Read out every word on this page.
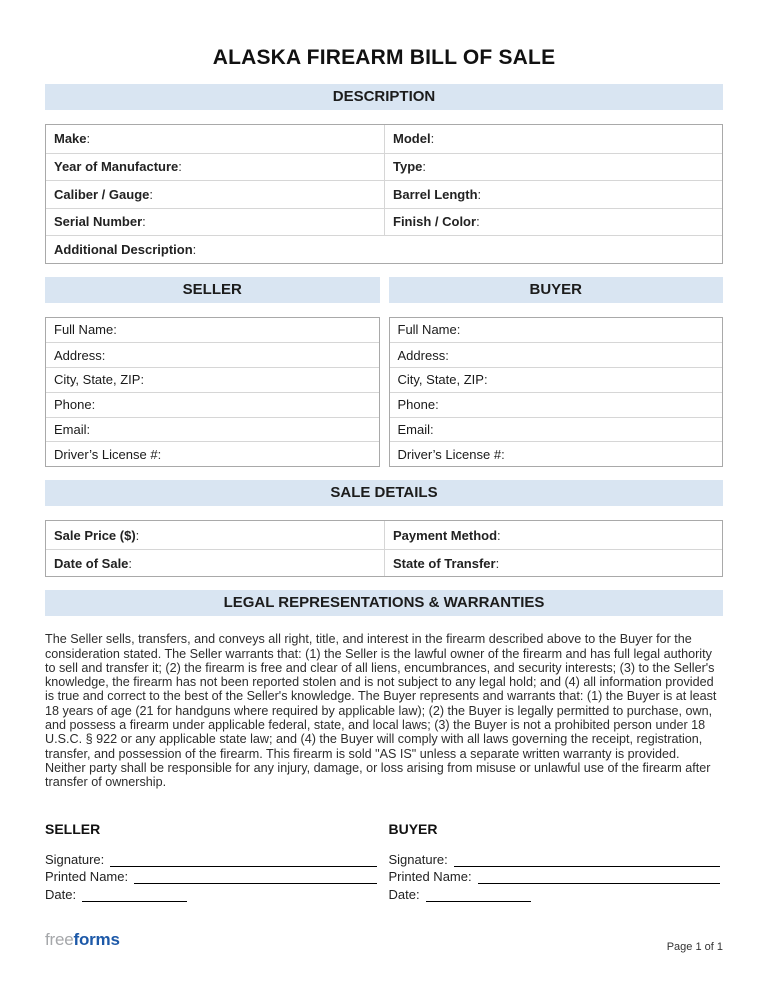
ALASKA FIREARM BILL OF SALE
DESCRIPTION
Make :	Model :
Year of Manufacture :	Type :
Caliber / Gauge :	Barrel Length :
Serial Number :	Finish / Color :
Additional Description :
SELLER	BUYER
Full Name :
Address :
City, State, ZIP :
Phone :
Email :
Driver’s License # :
Full Name :
Address :
City, State, ZIP :
Phone :
Email :
Driver’s License # :
SALE DETAILS
Sale Price ($) :	Payment Method :
Date of Sale :	State of Transfer :
LEGAL REPRESENTATIONS & WARRANTIES

The Seller sells, transfers, and conveys all right, title, and interest in the firearm described above to the Buyer for the consideration stated. The Seller warrants that: (1) the Seller is the lawful owner of the firearm and has full legal authority to sell and transfer it; (2) the firearm is free and clear of all liens, encumbrances, and security interests; (3) to the Seller's knowledge, the firearm has not been reported stolen and is not subject to any legal hold; and (4) all information provided is true and correct to the best of the Seller's knowledge. The Buyer represents and warrants that: (1) the Buyer is at least 18 years of age (21 for handguns where required by applicable law); (2) the Buyer is legally permitted to purchase, own, and possess a firearm under applicable federal, state, and local laws; (3) the Buyer is not a prohibited person under 18 U.S.C. § 922 or any applicable state law; and (4) the Buyer will comply with all laws governing the receipt, registration, transfer, and possession of the firearm. This firearm is sold "AS IS" unless a separate written warranty is provided. Neither party shall be responsible for any injury, damage, or loss arising from misuse or unlawful use of the firearm after transfer of ownership.

SELLER	BUYER
Signature:
Printed Name:
Date:
Signature:
Printed Name:
Date:
freeforms	Page 1 of 1
